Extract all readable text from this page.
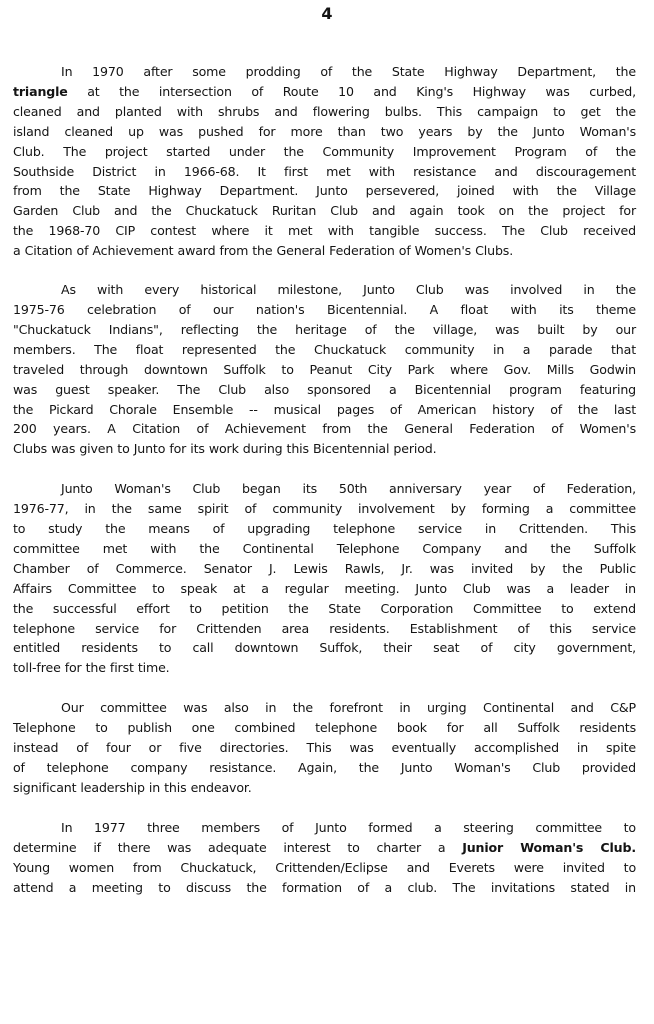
4
In 1970 after some prodding of the State Highway Department, the
triangle at the intersection of Route 10 and King's Highway was curbed,
cleaned and planted with shrubs and flowering bulbs. This campaign to get the
island cleaned up was pushed for more than two years by the Junto Woman's
Club. The project started under the Community Improvement Program of the
Southside District in 1966-68. It first met with resistance and discouragement
from the State Highway Department. Junto persevered, joined with the Village
Garden Club and the Chuckatuck Ruritan Club and again took on the project for
the 1968-70 CIP contest where it met with tangible success. The Club received
a Citation of Achievement award from the General Federation of Women's Clubs.
As with every historical milestone, Junto Club was involved in the
1975-76 celebration of our nation's Bicentennial. A float with its theme
"Chuckatuck Indians", reflecting the heritage of the village, was built by our
members. The float represented the Chuckatuck community in a parade that
traveled through downtown Suffolk to Peanut City Park where Gov. Mills Godwin
was guest speaker. The Club also sponsored a Bicentennial program featuring
the Pickard Chorale Ensemble -- musical pages of American history of the last
200 years. A Citation of Achievement from the General Federation of Women's
Clubs was given to Junto for its work during this Bicentennial period.
Junto Woman's Club began its 50th anniversary year of Federation,
1976-77, in the same spirit of community involvement by forming a committee
to study the means of upgrading telephone service in Crittenden. This
committee met with the Continental Telephone Company and the Suffolk
Chamber of Commerce. Senator J. Lewis Rawls, Jr. was invited by the Public
Affairs Committee to speak at a regular meeting. Junto Club was a leader in
the successful effort to petition the State Corporation Committee to extend
telephone service for Crittenden area residents. Establishment of this service
entitled residents to call downtown Suffok, their seat of city government,
toll-free for the first time.
Our committee was also in the forefront in urging Continental and C&P
Telephone to publish one combined telephone book for all Suffolk residents
instead of four or five directories. This was eventually accomplished in spite
of telephone company resistance. Again, the Junto Woman's Club provided
significant leadership in this endeavor.
In 1977 three members of Junto formed a steering committee to
determine if there was adequate interest to charter a Junior Woman's Club.
Young women from Chuckatuck, Crittenden/Eclipse and Everets were invited to
attend a meeting to discuss the formation of a club. The invitations stated in
